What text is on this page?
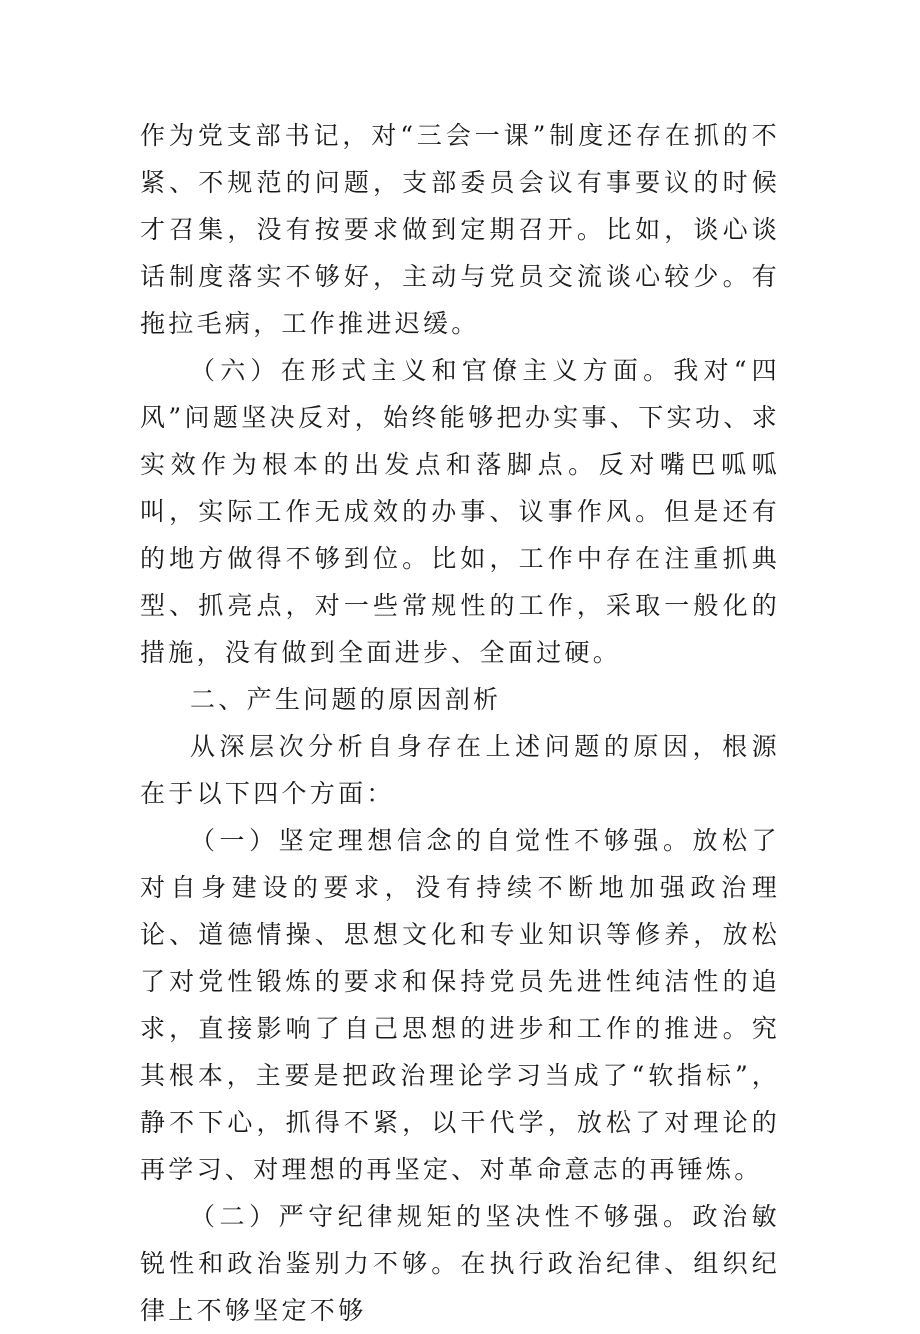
作为党支部书记，对“三会一课”制度还存在抓的不紧、不规范的问题，支部委员会议有事要议的时候才召集，没有按要求做到定期召开。比如，谈心谈话制度落实不够好，主动与党员交流谈心较少。有拖拉毛病，工作推进迟缓。

（六）在形式主义和官僚主义方面。我对“四风”问题坚决反对，始终能够把办实事、下实功、求实效作为根本的出发点和落脚点。反对嘴巴呱呱叫，实际工作无成效的办事、议事作风。但是还有的地方做得不够到位。比如，工作中存在注重抓典型、抓亮点，对一些常规性的工作，采取一般化的措施，没有做到全面进步、全面过硬。

二、产生问题的原因剖析

从深层次分析自身存在上述问题的原因，根源在于以下四个方面：

（一）坚定理想信念的自觉性不够强。放松了对自身建设的要求，没有持续不断地加强政治理论、道德情操、思想文化和专业知识等修养，放松了对党性锻炼的要求和保持党员先进性纯洁性的追求，直接影响了自己思想的进步和工作的推进。究其根本，主要是把政治理论学习当成了“软指标”，静不下心，抓得不紧，以干代学，放松了对理论的再学习、对理想的再坚定、对革命意志的再锤炼。

（二）严守纪律规矩的坚决性不够强。政治敏锐性和政治鉴别力不够。在执行政治纪律、组织纪律上不够坚定不够
